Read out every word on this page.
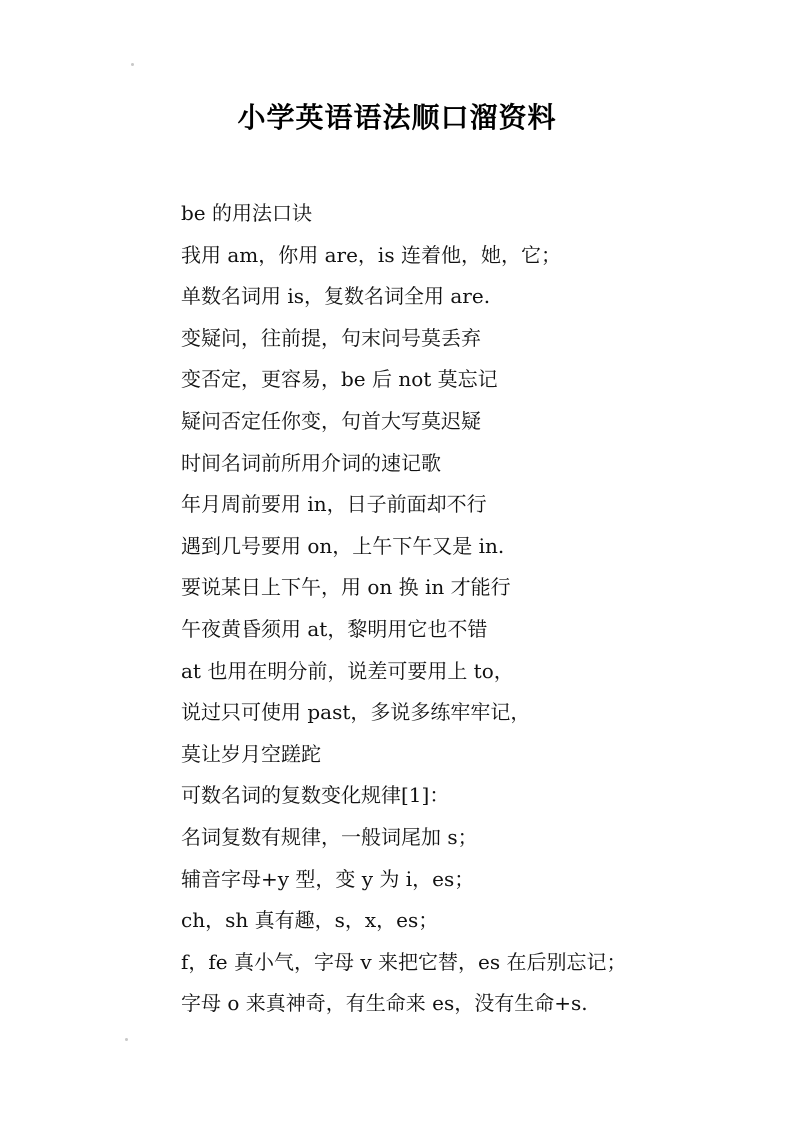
小学英语语法顺口溜资料
be 的用法口诀
我用 am，你用 are，is 连着他，她，它；
单数名词用 is，复数名词全用 are.
变疑问，往前提，句末问号莫丢弃
变否定，更容易，be 后 not 莫忘记
疑问否定任你变，句首大写莫迟疑
时间名词前所用介词的速记歌
年月周前要用 in，日子前面却不行
遇到几号要用 on，上午下午又是 in.
要说某日上下午，用 on 换 in 才能行
午夜黄昏须用 at，黎明用它也不错
at 也用在明分前，说差可要用上 to，
说过只可使用 past，多说多练牢牢记，
莫让岁月空蹉跎
可数名词的复数变化规律[1]：
名词复数有规律，一般词尾加 s；
辅音字母+y 型，变 y 为 i，es；
ch，sh 真有趣，s，x，es；
f，fe 真小气，字母 v 来把它替，es 在后别忘记；
字母 o 来真神奇，有生命来 es，没有生命+s.
